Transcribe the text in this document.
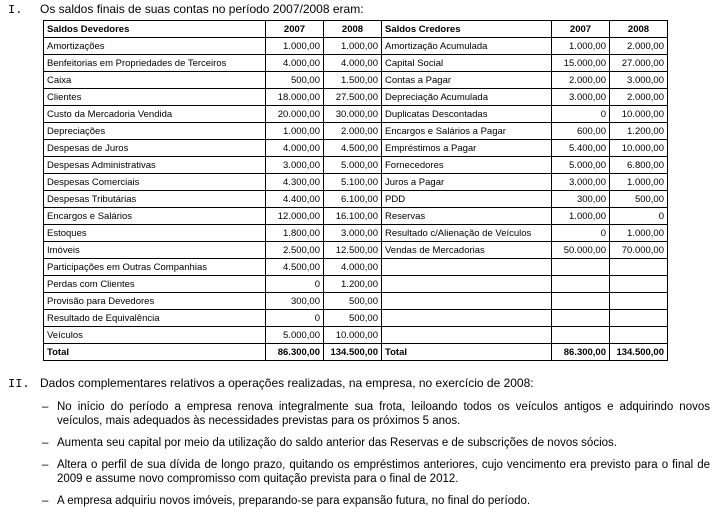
I. Os saldos finais de suas contas no período 2007/2008 eram:
Saldos Devedores	2007	2008	Saldos Credores	2007	2008
Amortizações	1.000,00	1.000,00	Amortização Acumulada	1.000,00	2.000,00
Benfeitorias em Propriedades de Terceiros	4.000,00	4.000,00	Capital Social	15.000,00	27.000,00
Caixa	500,00	1.500,00	Contas a Pagar	2.000,00	3.000,00
Clientes	18.000,00	27.500,00	Depreciação Acumulada	3.000,00	2.000,00
Custo da Mercadoria Vendida	20.000,00	30.000,00	Duplicatas Descontadas	0	10.000,00
Depreciações	1.000,00	2.000,00	Encargos e Salários a Pagar	600,00	1.200,00
Despesas de Juros	4.000,00	4.500,00	Empréstimos a Pagar	5.400,00	10.000,00
Despesas Administrativas	3.000,00	5.000,00	Fornecedores	5.000,00	6.800,00
Despesas Comerciais	4.300,00	5.100,00	Juros a Pagar	3.000,00	1.000,00
Despesas Tributárias	4.400,00	6.100,00	PDD	300,00	500,00
Encargos e Salários	12.000,00	16.100,00	Reservas	1.000,00	0
Estoques	1.800,00	3.000,00	Resultado c/Alienação de Veículos	0	1.000,00
Imóveis	2.500,00	12.500,00	Vendas de Mercadorias	50.000,00	70.000,00
Participações em Outras Companhias	4.500,00	4.000,00			
Perdas com Clientes	0	1.200,00			
Provisão para Devedores	300,00	500,00			
Resultado de Equivalência	0	500,00			
Veículos	5.000,00	10.000,00			
Total	86.300,00	134.500,00	Total	86.300,00	134.500,00
II. Dados complementares relativos a operações realizadas, na empresa, no exercício de 2008:
– No início do período a empresa renova integralmente sua frota, leiloando todos os veículos antigos e adquirindo novos veículos, mais adequados às necessidades previstas para os próximos 5 anos.
– Aumenta seu capital por meio da utilização do saldo anterior das Reservas e de subscrições de novos sócios.
– Altera o perfil de sua dívida de longo prazo, quitando os empréstimos anteriores, cujo vencimento era previsto para o final de 2009 e assume novo compromisso com quitação prevista para o final de 2012.
– A empresa adquiriu novos imóveis, preparando-se para expansão futura, no final do período.
